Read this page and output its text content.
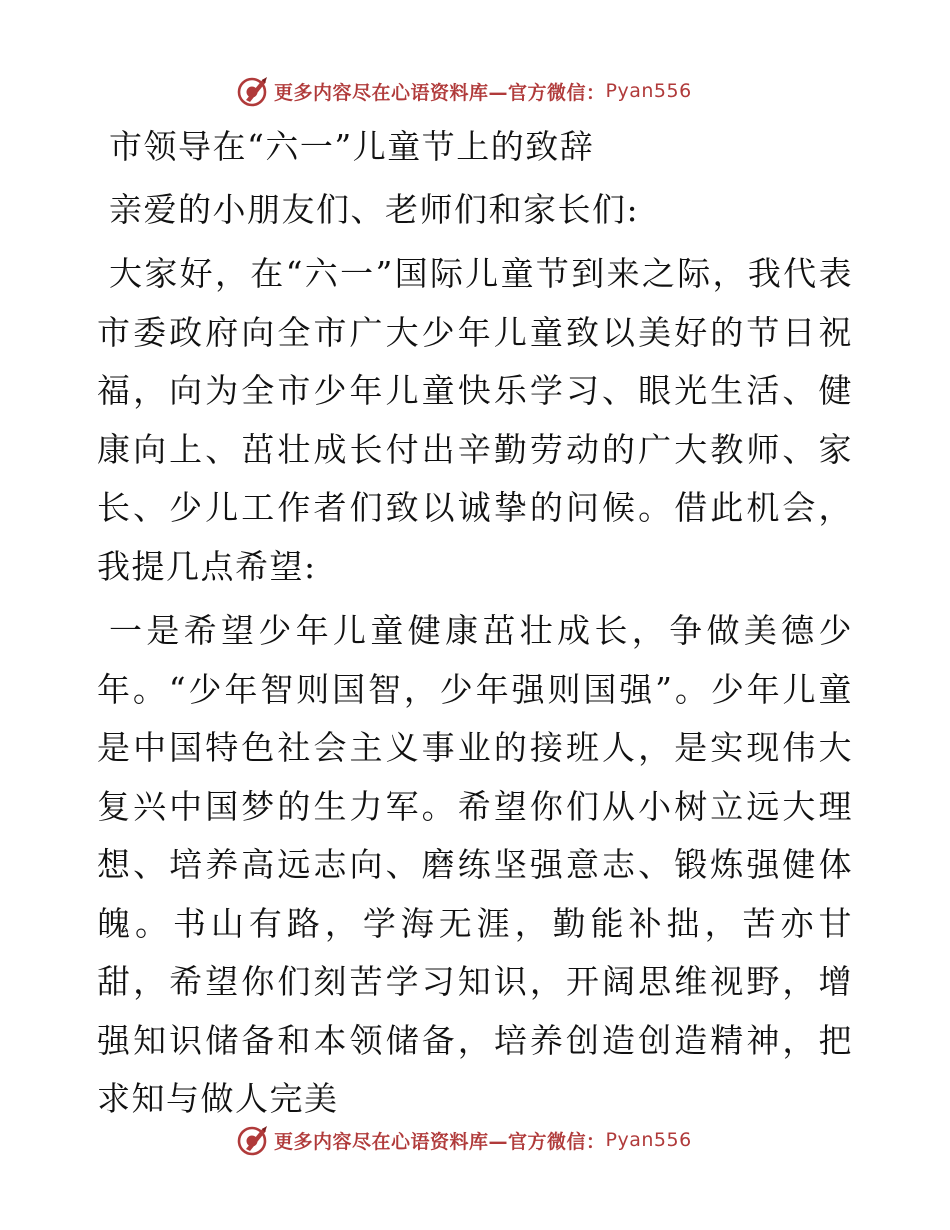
更多内容尽在心语资料库—官方微信： Pyan556

市领导在“六一”儿童节上的致辞

亲爱的小朋友们、老师们和家长们:

大家好，在“六一”国际儿童节到来之际，我代表市委政府向全市广大少年儿童致以美好的节日祝福，向为全市少年儿童快乐学习、眼光生活、健康向上、茁壮成长付出辛勤劳动的广大教师、家长、少儿工作者们致以诚挚的问候。借此机会，我提几点希望:

一是希望少年儿童健康茁壮成长，争做美德少年。“少年智则国智，少年强则国强”。少年儿童是中国特色社会主义事业的接班人，是实现伟大复兴中国梦的生力军。希望你们从小树立远大理想、培养高远志向、磨练坚强意志、锻炼强健体魄。书山有路，学海无涯，勤能补拙，苦亦甘甜，希望你们刻苦学习知识，开阔思维视野，增强知识储备和本领储备，培养创造创造精神，把求知与做人完美

更多内容尽在心语资料库—官方微信： Pyan556
